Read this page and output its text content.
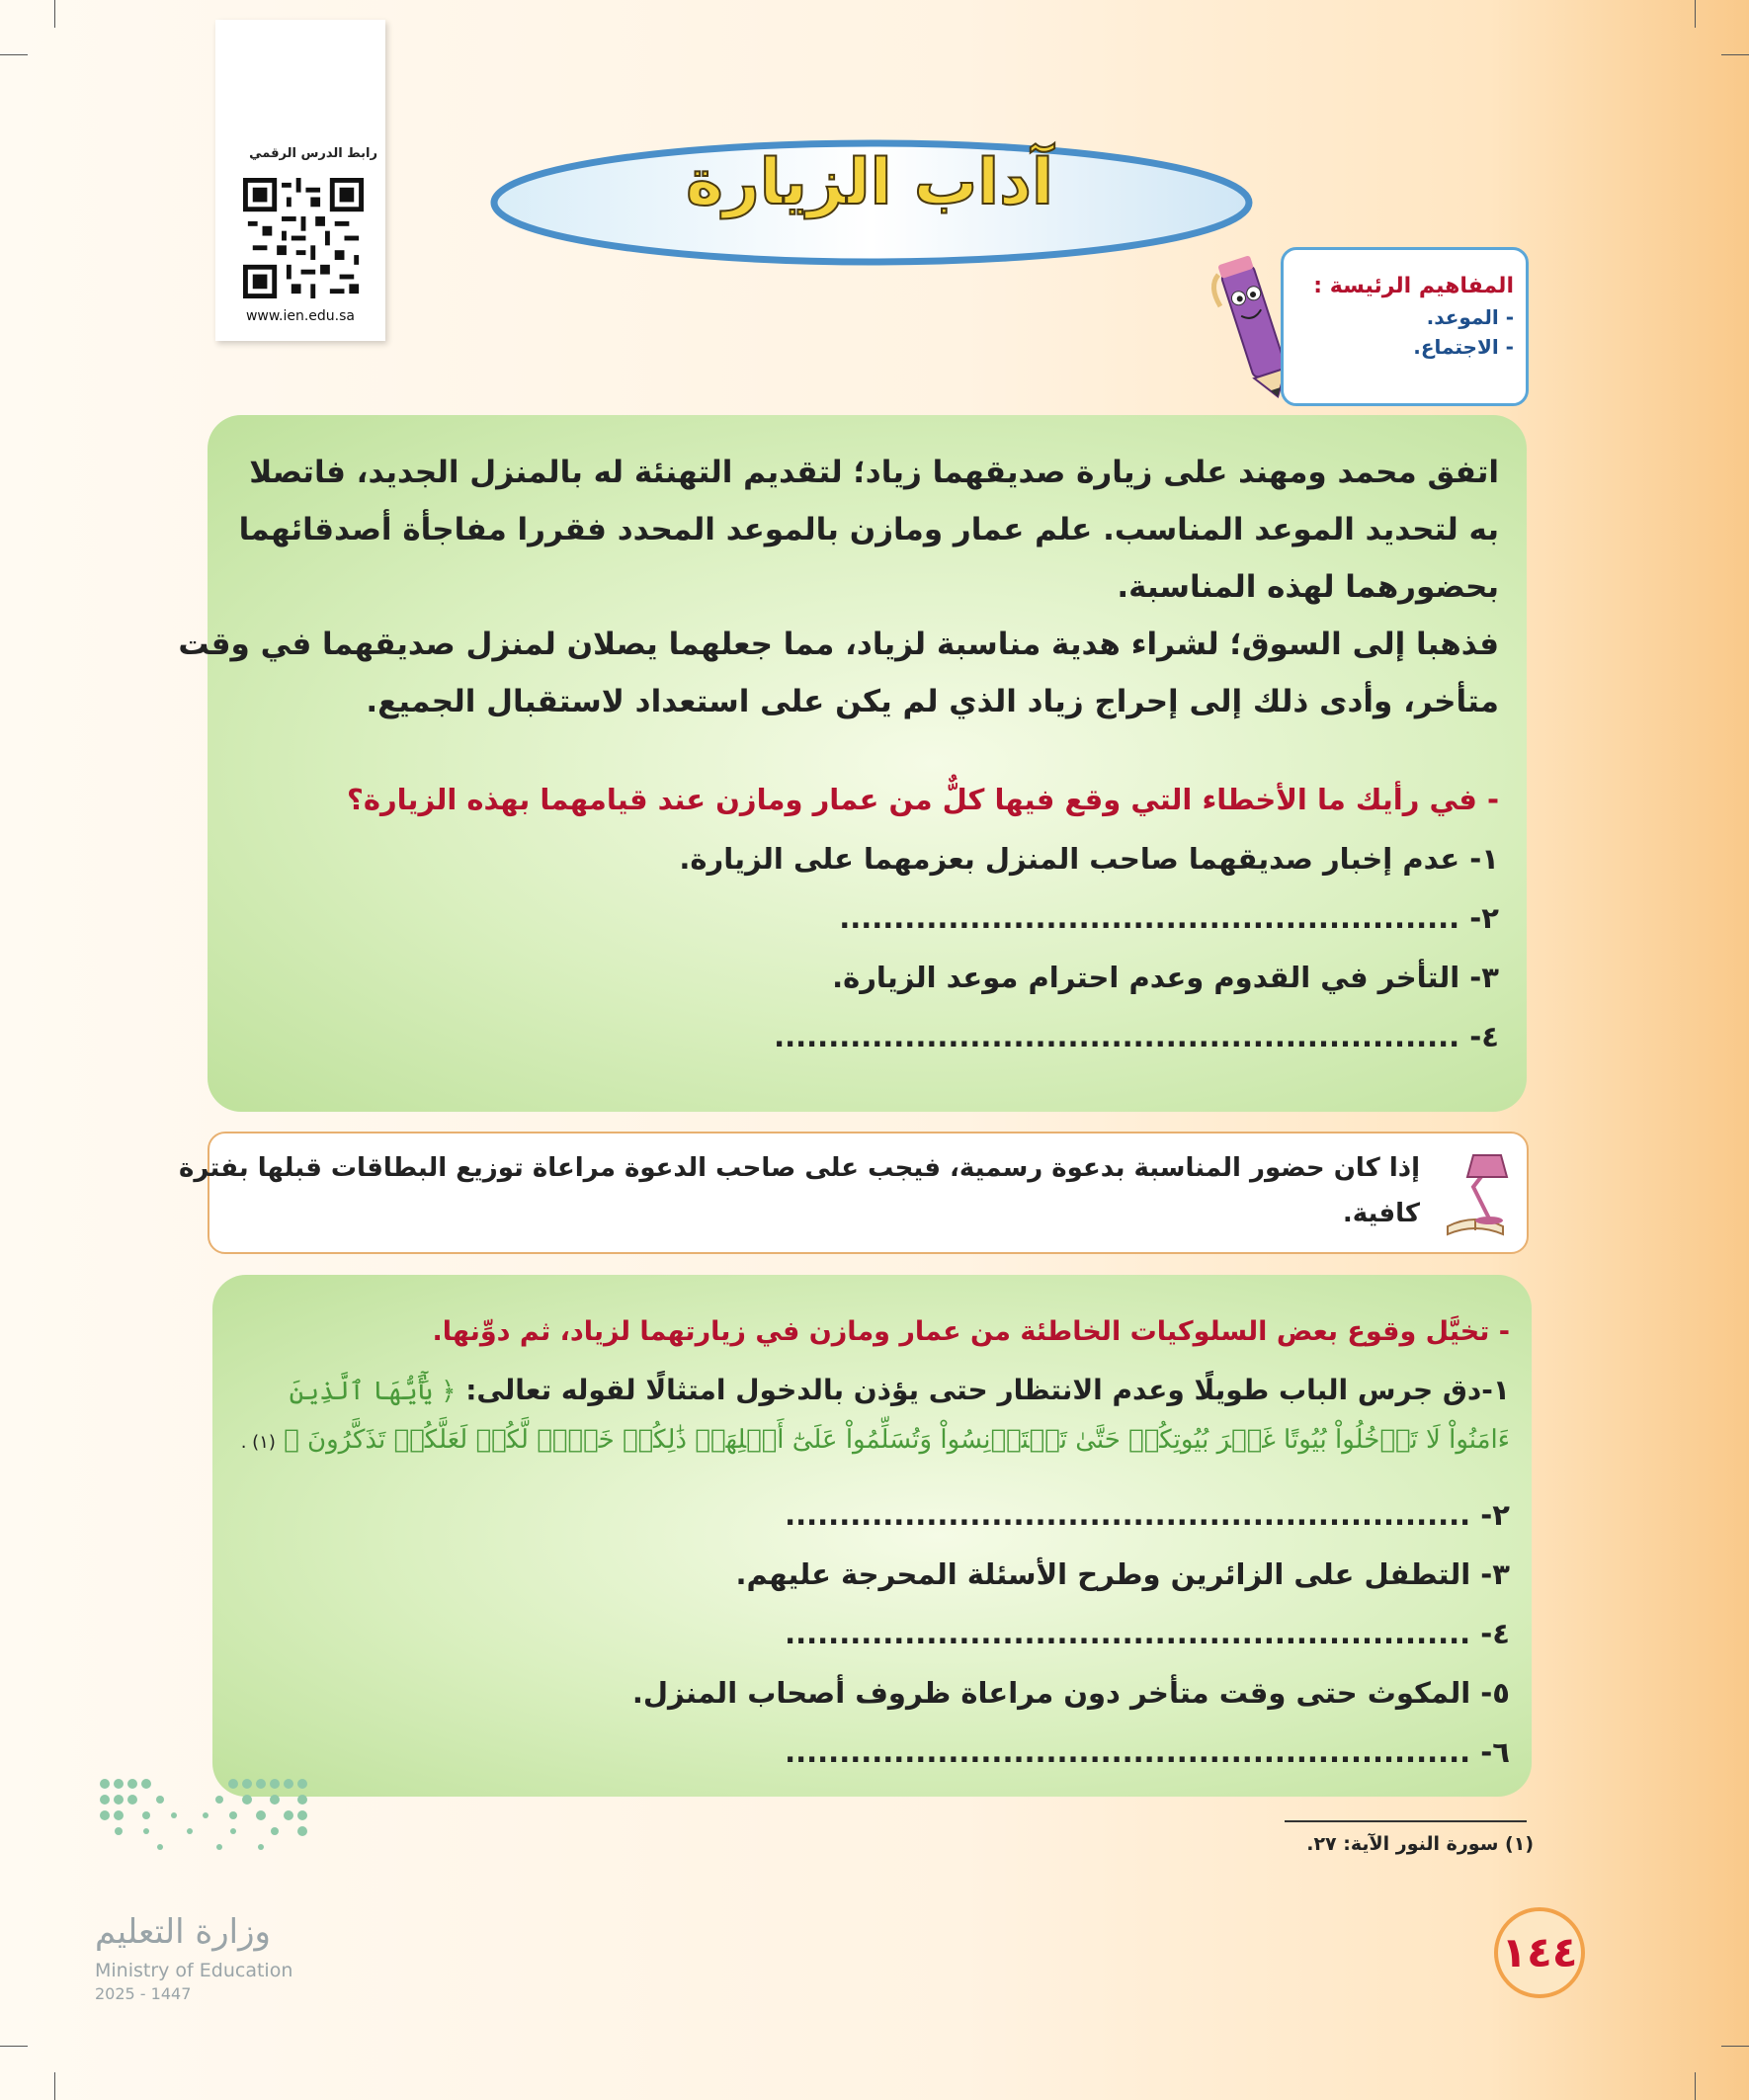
رابط الدرس الرقمي
www.ien.edu.sa
آداب الزيارة
المفاهيم الرئيسة :
- الموعد.
- الاجتماع.
اتفق محمد ومهند على زيارة صديقهما زياد؛ لتقديم التهنئة له بالمنزل الجديد، فاتصلا
به لتحديد الموعد المناسب. علم عمار ومازن بالموعد المحدد فقررا مفاجأة أصدقائهما
بحضورهما لهذه المناسبة.
فذهبا إلى السوق؛ لشراء هدية مناسبة لزياد، مما جعلهما يصلان لمنزل صديقهما في وقت
متأخر، وأدى ذلك إلى إحراج زياد الذي لم يكن على استعداد لاستقبال الجميع.
- في رأيك ما الأخطاء التي وقع فيها كلٌّ من عمار ومازن عند قيامهما بهذه الزيارة؟
١- عدم إخبار صديقهما صاحب المنزل بعزمهما على الزيارة.
٢- .........................................................
٣- التأخر في القدوم وعدم احترام موعد الزيارة.
٤- ...............................................................
إذا كان حضور المناسبة بدعوة رسمية، فيجب على صاحب الدعوة مراعاة توزيع البطاقات قبلها بفترة
كافية.
- تخيَّل وقوع بعض السلوكيات الخاطئة من عمار ومازن في زيارتهما لزياد، ثم دوِّنها.
١-دق جرس الباب طويلًا وعدم الانتظار حتى يؤذن بالدخول امتثالًا لقوله تعالى: ﴿ يَٰٓأَيُّهَا ٱلَّذِينَ
ءَامَنُواْ لَا تَدۡخُلُواْ بُيُوتًا غَيۡرَ بُيُوتِكُمۡ حَتَّىٰ تَسۡتَأۡنِسُواْ وَتُسَلِّمُواْ عَلَىٰٓ أَهۡلِهَاۚ ذَٰلِكُمۡ خَيۡرٞ لَّكُمۡ لَعَلَّكُمۡ تَذَكَّرُونَ ﴾ (١) .
٢- ...............................................................
٣- التطفل على الزائرين وطرح الأسئلة المحرجة عليهم.
٤- ...............................................................
٥- المكوث حتى وقت متأخر دون مراعاة ظروف أصحاب المنزل.
٦- ...............................................................
(١) سورة النور الآية: ٢٧.
وزارة التعليم
Ministry of Education
2025 - 1447
١٤٤
